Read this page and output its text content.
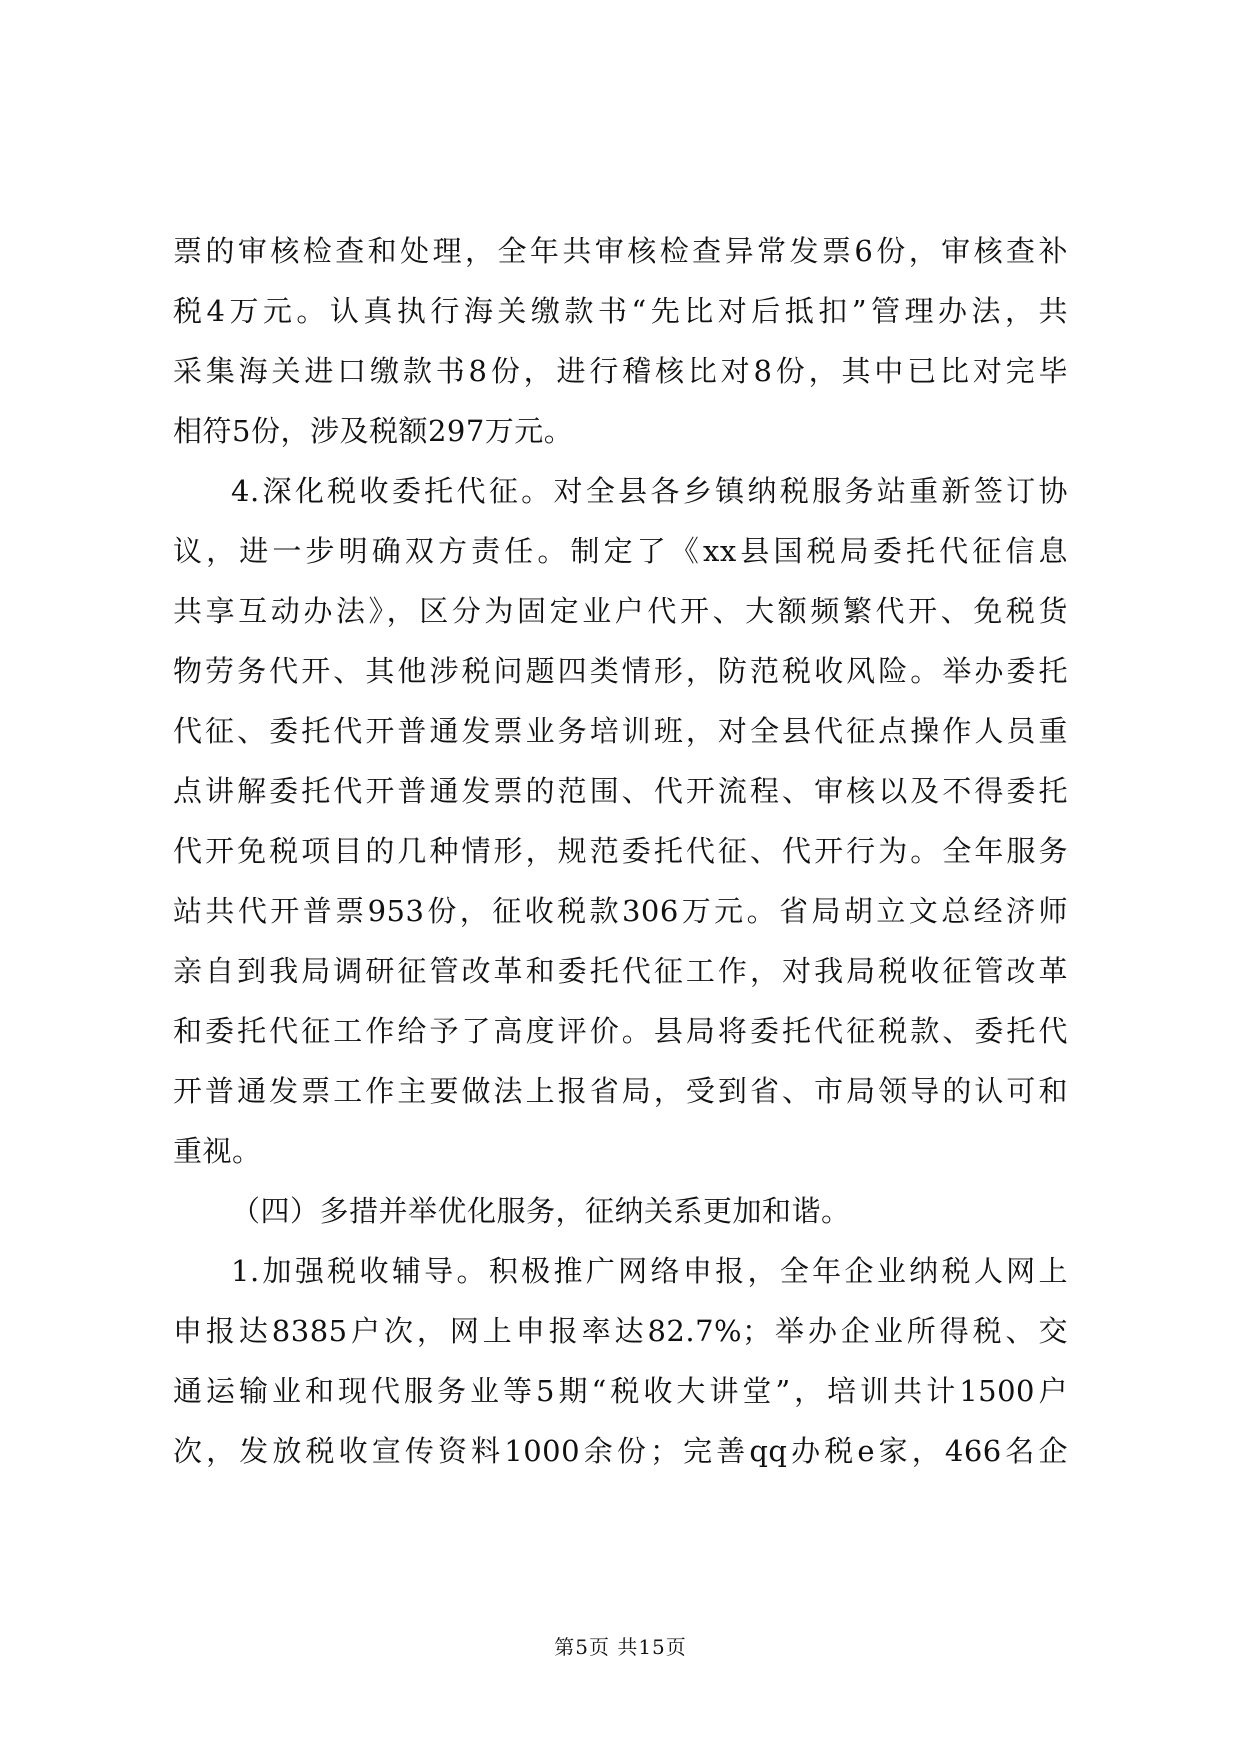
票的审核检查和处理，全年共审核检查异常发票6份，审核查补
税4万元。认真执行海关缴款书“先比对后抵扣”管理办法，共
采集海关进口缴款书8份，进行稽核比对8份，其中已比对完毕
相符5份，涉及税额297万元。
4.深化税收委托代征。对全县各乡镇纳税服务站重新签订协
议，进一步明确双方责任。制定了《xx县国税局委托代征信息
共享互动办法》，区分为固定业户代开、大额频繁代开、免税货
物劳务代开、其他涉税问题四类情形，防范税收风险。举办委托
代征、委托代开普通发票业务培训班，对全县代征点操作人员重
点讲解委托代开普通发票的范围、代开流程、审核以及不得委托
代开免税项目的几种情形，规范委托代征、代开行为。全年服务
站共代开普票953份，征收税款306万元。省局胡立文总经济师
亲自到我局调研征管改革和委托代征工作，对我局税收征管改革
和委托代征工作给予了高度评价。县局将委托代征税款、委托代
开普通发票工作主要做法上报省局，受到省、市局领导的认可和
重视。
（四）多措并举优化服务，征纳关系更加和谐。
1.加强税收辅导。积极推广网络申报，全年企业纳税人网上
申报达8385户次，网上申报率达82.7%；举办企业所得税、交
通运输业和现代服务业等5期“税收大讲堂”，培训共计1500户
次，发放税收宣传资料1000余份；完善qq办税e家，466名企
第5页 共15页
